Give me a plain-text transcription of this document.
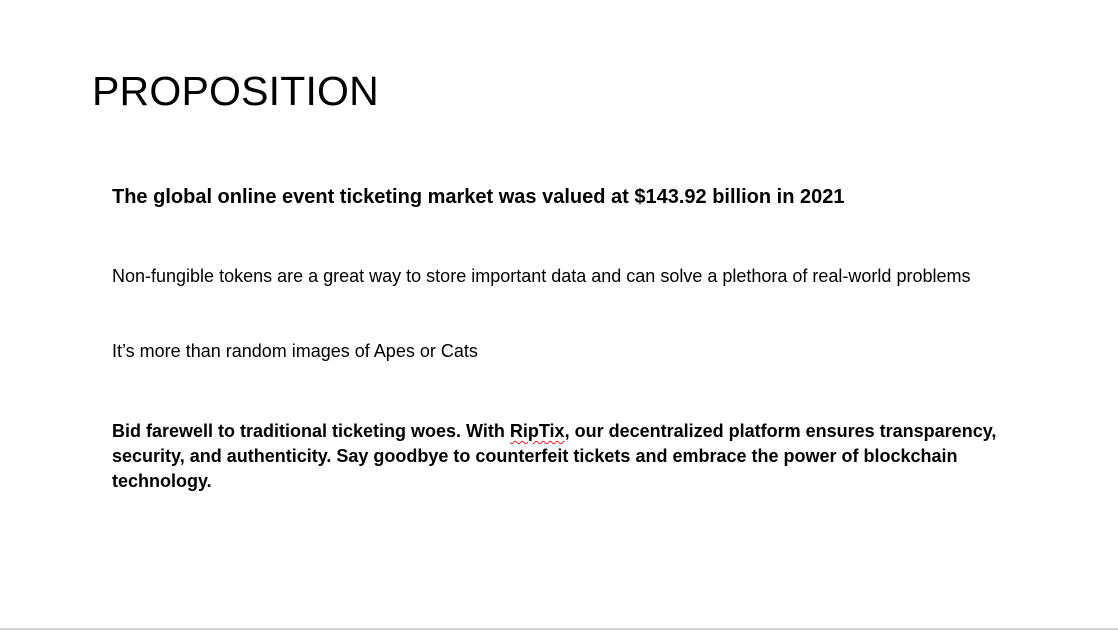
PROPOSITION

The global online event ticketing market was valued at $143.92 billion in 2021

Non-fungible tokens are a great way to store important data and can solve a plethora of real-world problems

It’s more than random images of Apes or Cats

Bid farewell to traditional ticketing woes. With RipTix, our decentralized platform ensures transparency, security, and authenticity. Say goodbye to counterfeit tickets and embrace the power of blockchain technology.
